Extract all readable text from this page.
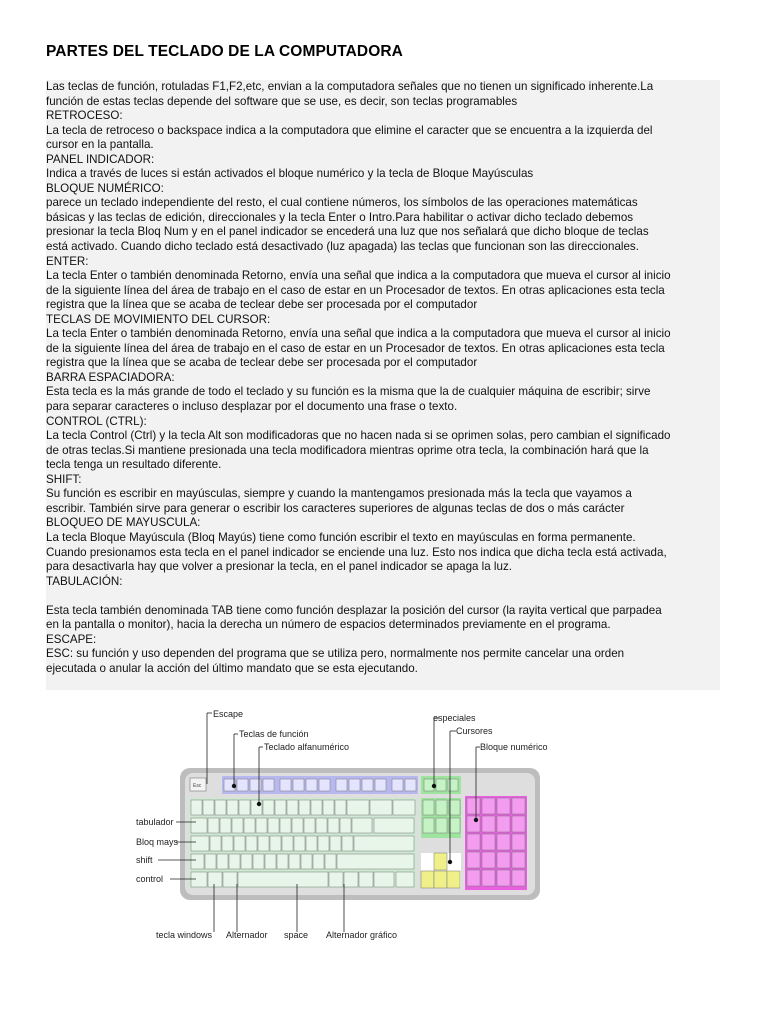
PARTES DEL TECLADO DE LA COMPUTADORA
Las teclas de función, rotuladas F1,F2,etc, envian a la computadora señales que no tienen un significado inherente.La
función de estas teclas depende del software que se use, es decir, son teclas programables
RETROCESO:
La tecla de retroceso o backspace indica a la computadora que elimine el caracter que se encuentra a la izquierda del
cursor en la pantalla.
PANEL INDICADOR:
Indica a través de luces si están activados el bloque numérico y la tecla de Bloque Mayúsculas
BLOQUE NUMÉRICO:
parece un teclado independiente del resto, el cual contiene números, los símbolos de las operaciones matemáticas
básicas y las teclas de edición, direccionales y la tecla Enter o Intro.Para habilitar o activar dicho teclado debemos
presionar la tecla Bloq Num y en el panel indicador se encederá una luz que nos señalará que dicho bloque de teclas
está activado. Cuando dicho teclado está desactivado (luz apagada) las teclas que funcionan son las direccionales.
ENTER:
La tecla Enter o también denominada Retorno, envía una señal que indica a la computadora que mueva el cursor al inicio
de la siguiente línea del área de trabajo en el caso de estar en un Procesador de textos. En otras aplicaciones esta tecla
registra que la línea que se acaba de teclear debe ser procesada por el computador
TECLAS DE MOVIMIENTO DEL CURSOR:
La tecla Enter o también denominada Retorno, envía una señal que indica a la computadora que mueva el cursor al inicio
de la siguiente línea del área de trabajo en el caso de estar en un Procesador de textos. En otras aplicaciones esta tecla
registra que la línea que se acaba de teclear debe ser procesada por el computador
BARRA ESPACIADORA:
Esta tecla es la más grande de todo el teclado y su función es la misma que la de cualquier máquina de escribir; sirve
para separar caracteres o incluso desplazar por el documento una frase o texto.
CONTROL (CTRL):
La tecla Control (Ctrl) y la tecla Alt son modificadoras que no hacen nada si se oprimen solas, pero cambian el significado
de otras teclas.Si mantiene presionada una tecla modificadora mientras oprime otra tecla, la combinación hará que la
tecla tenga un resultado diferente.
SHIFT:
Su función es escribir en mayúsculas, siempre y cuando la mantengamos presionada más la tecla que vayamos a
escribir. También sirve para generar o escribir los caracteres superiores de algunas teclas de dos o más carácter
BLOQUEO DE MAYUSCULA:
La tecla Bloque Mayúscula (Bloq Mayús) tiene como función escribir el texto en mayúsculas en forma permanente.
Cuando presionamos esta tecla en el panel indicador se enciende una luz. Esto nos indica que dicha tecla está activada,
para desactivarla hay que volver a presionar la tecla, en el panel indicador se apaga la luz.
TABULACIÓN:
Esta tecla también denominada TAB tiene como función desplazar la posición del cursor (la rayita vertical que parpadea
en la pantalla o monitor), hacia la derecha un número de espacios determinados previamente en el programa.
ESCAPE:
ESC: su función y uso dependen del programa que se utiliza pero, normalmente nos permite cancelar una orden
ejecutada o anular la acción del último mandato que se esta ejecutando.
Esc
Escape
Teclas de función
Teclado alfanumérico
especiales
Cursores
Bloque numérico
tabulador
Bloq mays
shift
control
tecla windows Alternador space Alternador gráfico
